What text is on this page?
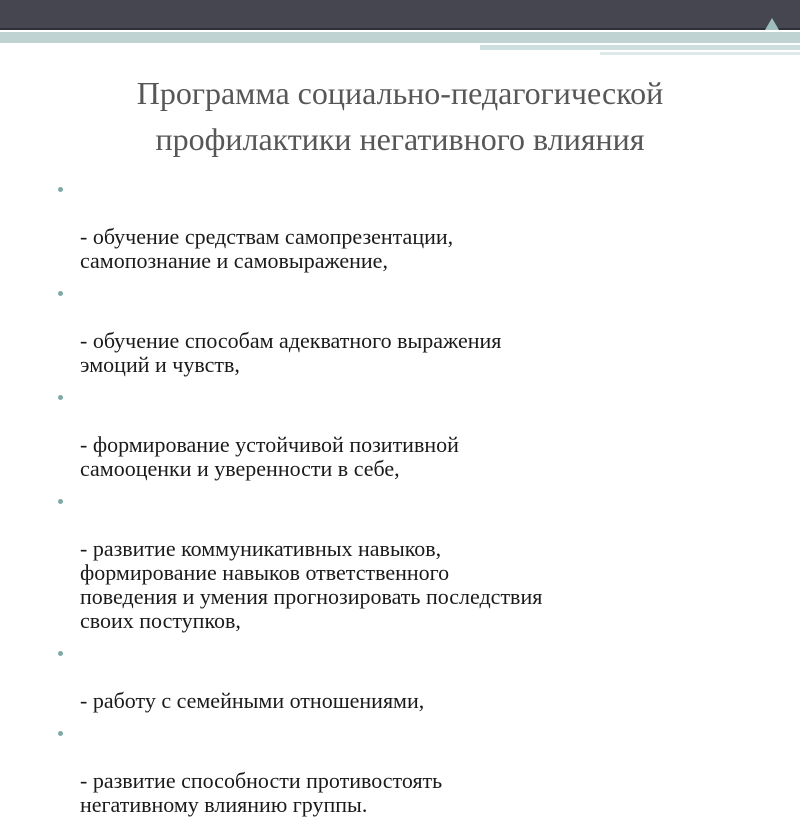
Программа социально-педагогической
профилактики негативного влияния

- обучение средствам самопрезентации,
самопознание и самовыражение,

- обучение способам адекватного выражения
эмоций и чувств,

- формирование устойчивой позитивной
самооценки и уверенности в себе,

- развитие коммуникативных навыков,
формирование навыков ответственного
поведения и умения прогнозировать последствия
своих поступков,

- работу с семейными отношениями,

- развитие способности противостоять
негативному влиянию группы.
